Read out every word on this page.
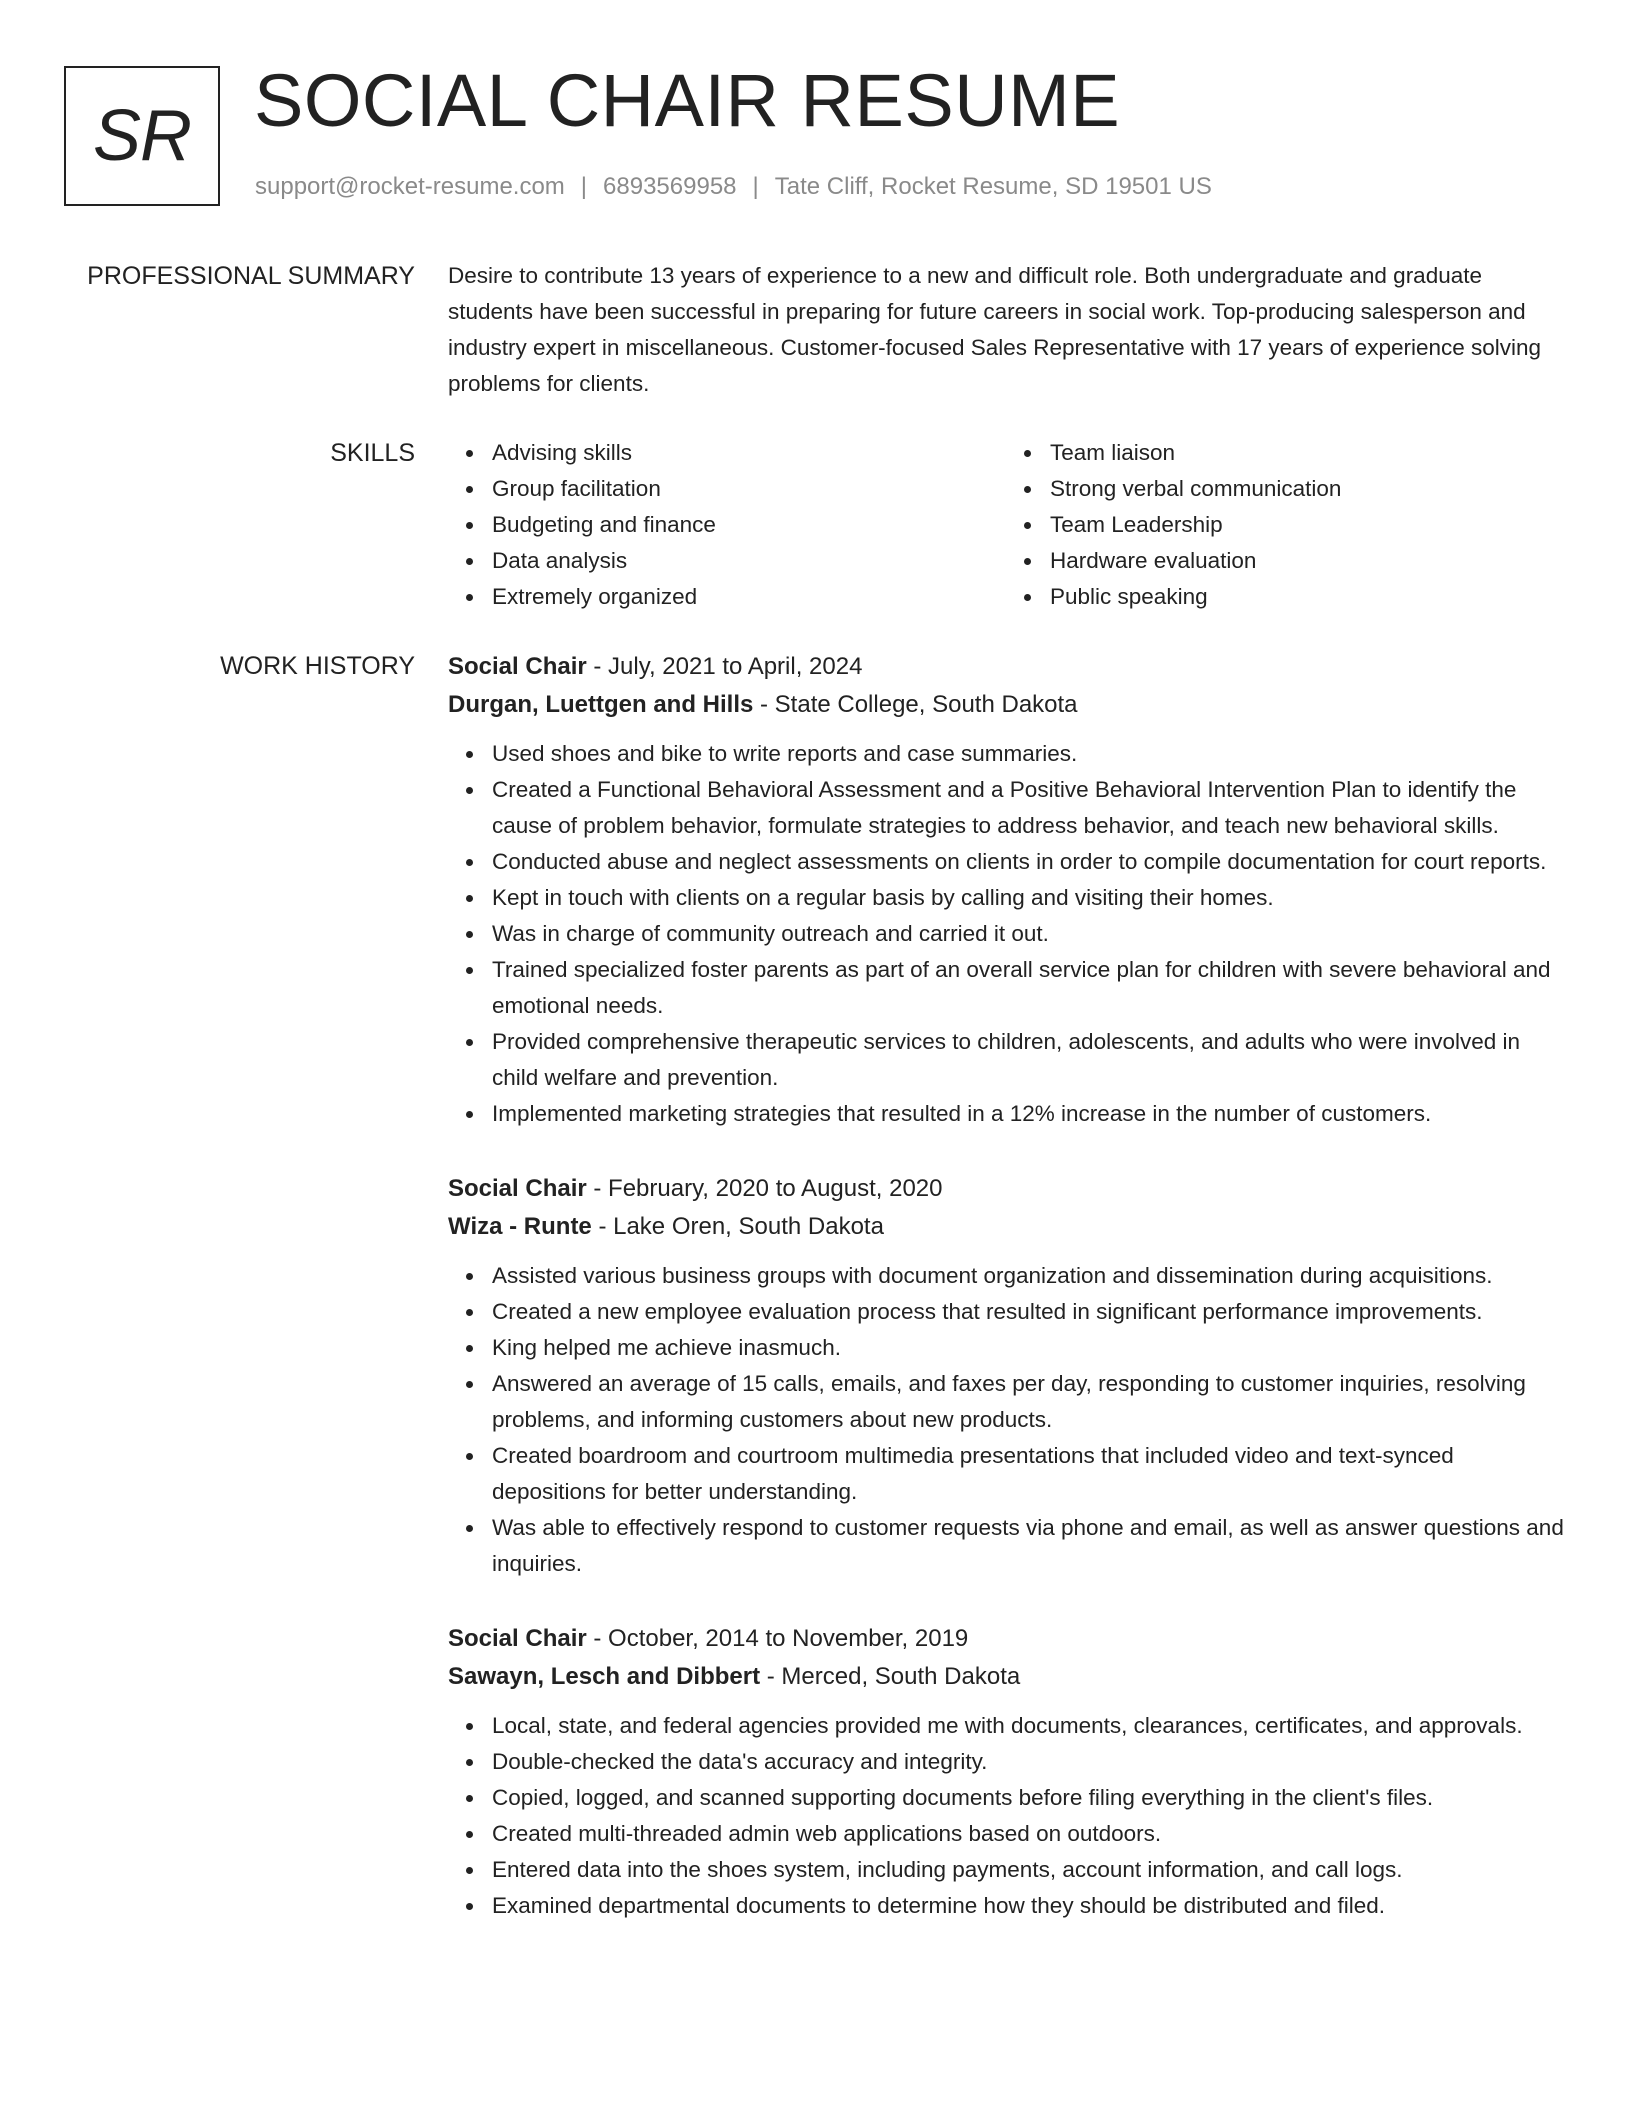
SR SOCIAL CHAIR RESUME
support@rocket-resume.com | 6893569958 | Tate Cliff, Rocket Resume, SD 19501 US
PROFESSIONAL SUMMARY Desire to contribute 13 years of experience to a new and difficult role. Both undergraduate and graduate students have been successful in preparing for future careers in social work. Top-producing salesperson and industry expert in miscellaneous. Customer-focused Sales Representative with 17 years of experience solving problems for clients.

SKILLS	Advising skills
Group facilitation
Budgeting and finance
Data analysis
Extremely organized
Team liaison
Strong verbal communication
Team Leadership
Hardware evaluation
Public speaking
WORK HISTORY Social Chair - July, 2021 to April, 2024
Durgan, Luettgen and Hills - State College, South Dakota
Used shoes and bike to write reports and case summaries.
Created a Functional Behavioral Assessment and a Positive Behavioral Intervention Plan to identify the cause of problem behavior, formulate strategies to address behavior, and teach new behavioral skills.
Conducted abuse and neglect assessments on clients in order to compile documentation for court reports.
Kept in touch with clients on a regular basis by calling and visiting their homes.
Was in charge of community outreach and carried it out.
Trained specialized foster parents as part of an overall service plan for children with severe behavioral and emotional needs.
Provided comprehensive therapeutic services to children, adolescents, and adults who were involved in child welfare and prevention.
Implemented marketing strategies that resulted in a 12% increase in the number of customers.
Social Chair - February, 2020 to August, 2020
Wiza - Runte - Lake Oren, South Dakota
Assisted various business groups with document organization and dissemination during acquisitions.
Created a new employee evaluation process that resulted in significant performance improvements.
King helped me achieve inasmuch.
Answered an average of 15 calls, emails, and faxes per day, responding to customer inquiries, resolving problems, and informing customers about new products.
Created boardroom and courtroom multimedia presentations that included video and text-synced depositions for better understanding.
Was able to effectively respond to customer requests via phone and email, as well as answer questions and inquiries.
Social Chair - October, 2014 to November, 2019
Sawayn, Lesch and Dibbert - Merced, South Dakota
Local, state, and federal agencies provided me with documents, clearances, certificates, and approvals.
Double-checked the data's accuracy and integrity.
Copied, logged, and scanned supporting documents before filing everything in the client's files.
Created multi-threaded admin web applications based on outdoors.
Entered data into the shoes system, including payments, account information, and call logs.
Examined departmental documents to determine how they should be distributed and filed.
